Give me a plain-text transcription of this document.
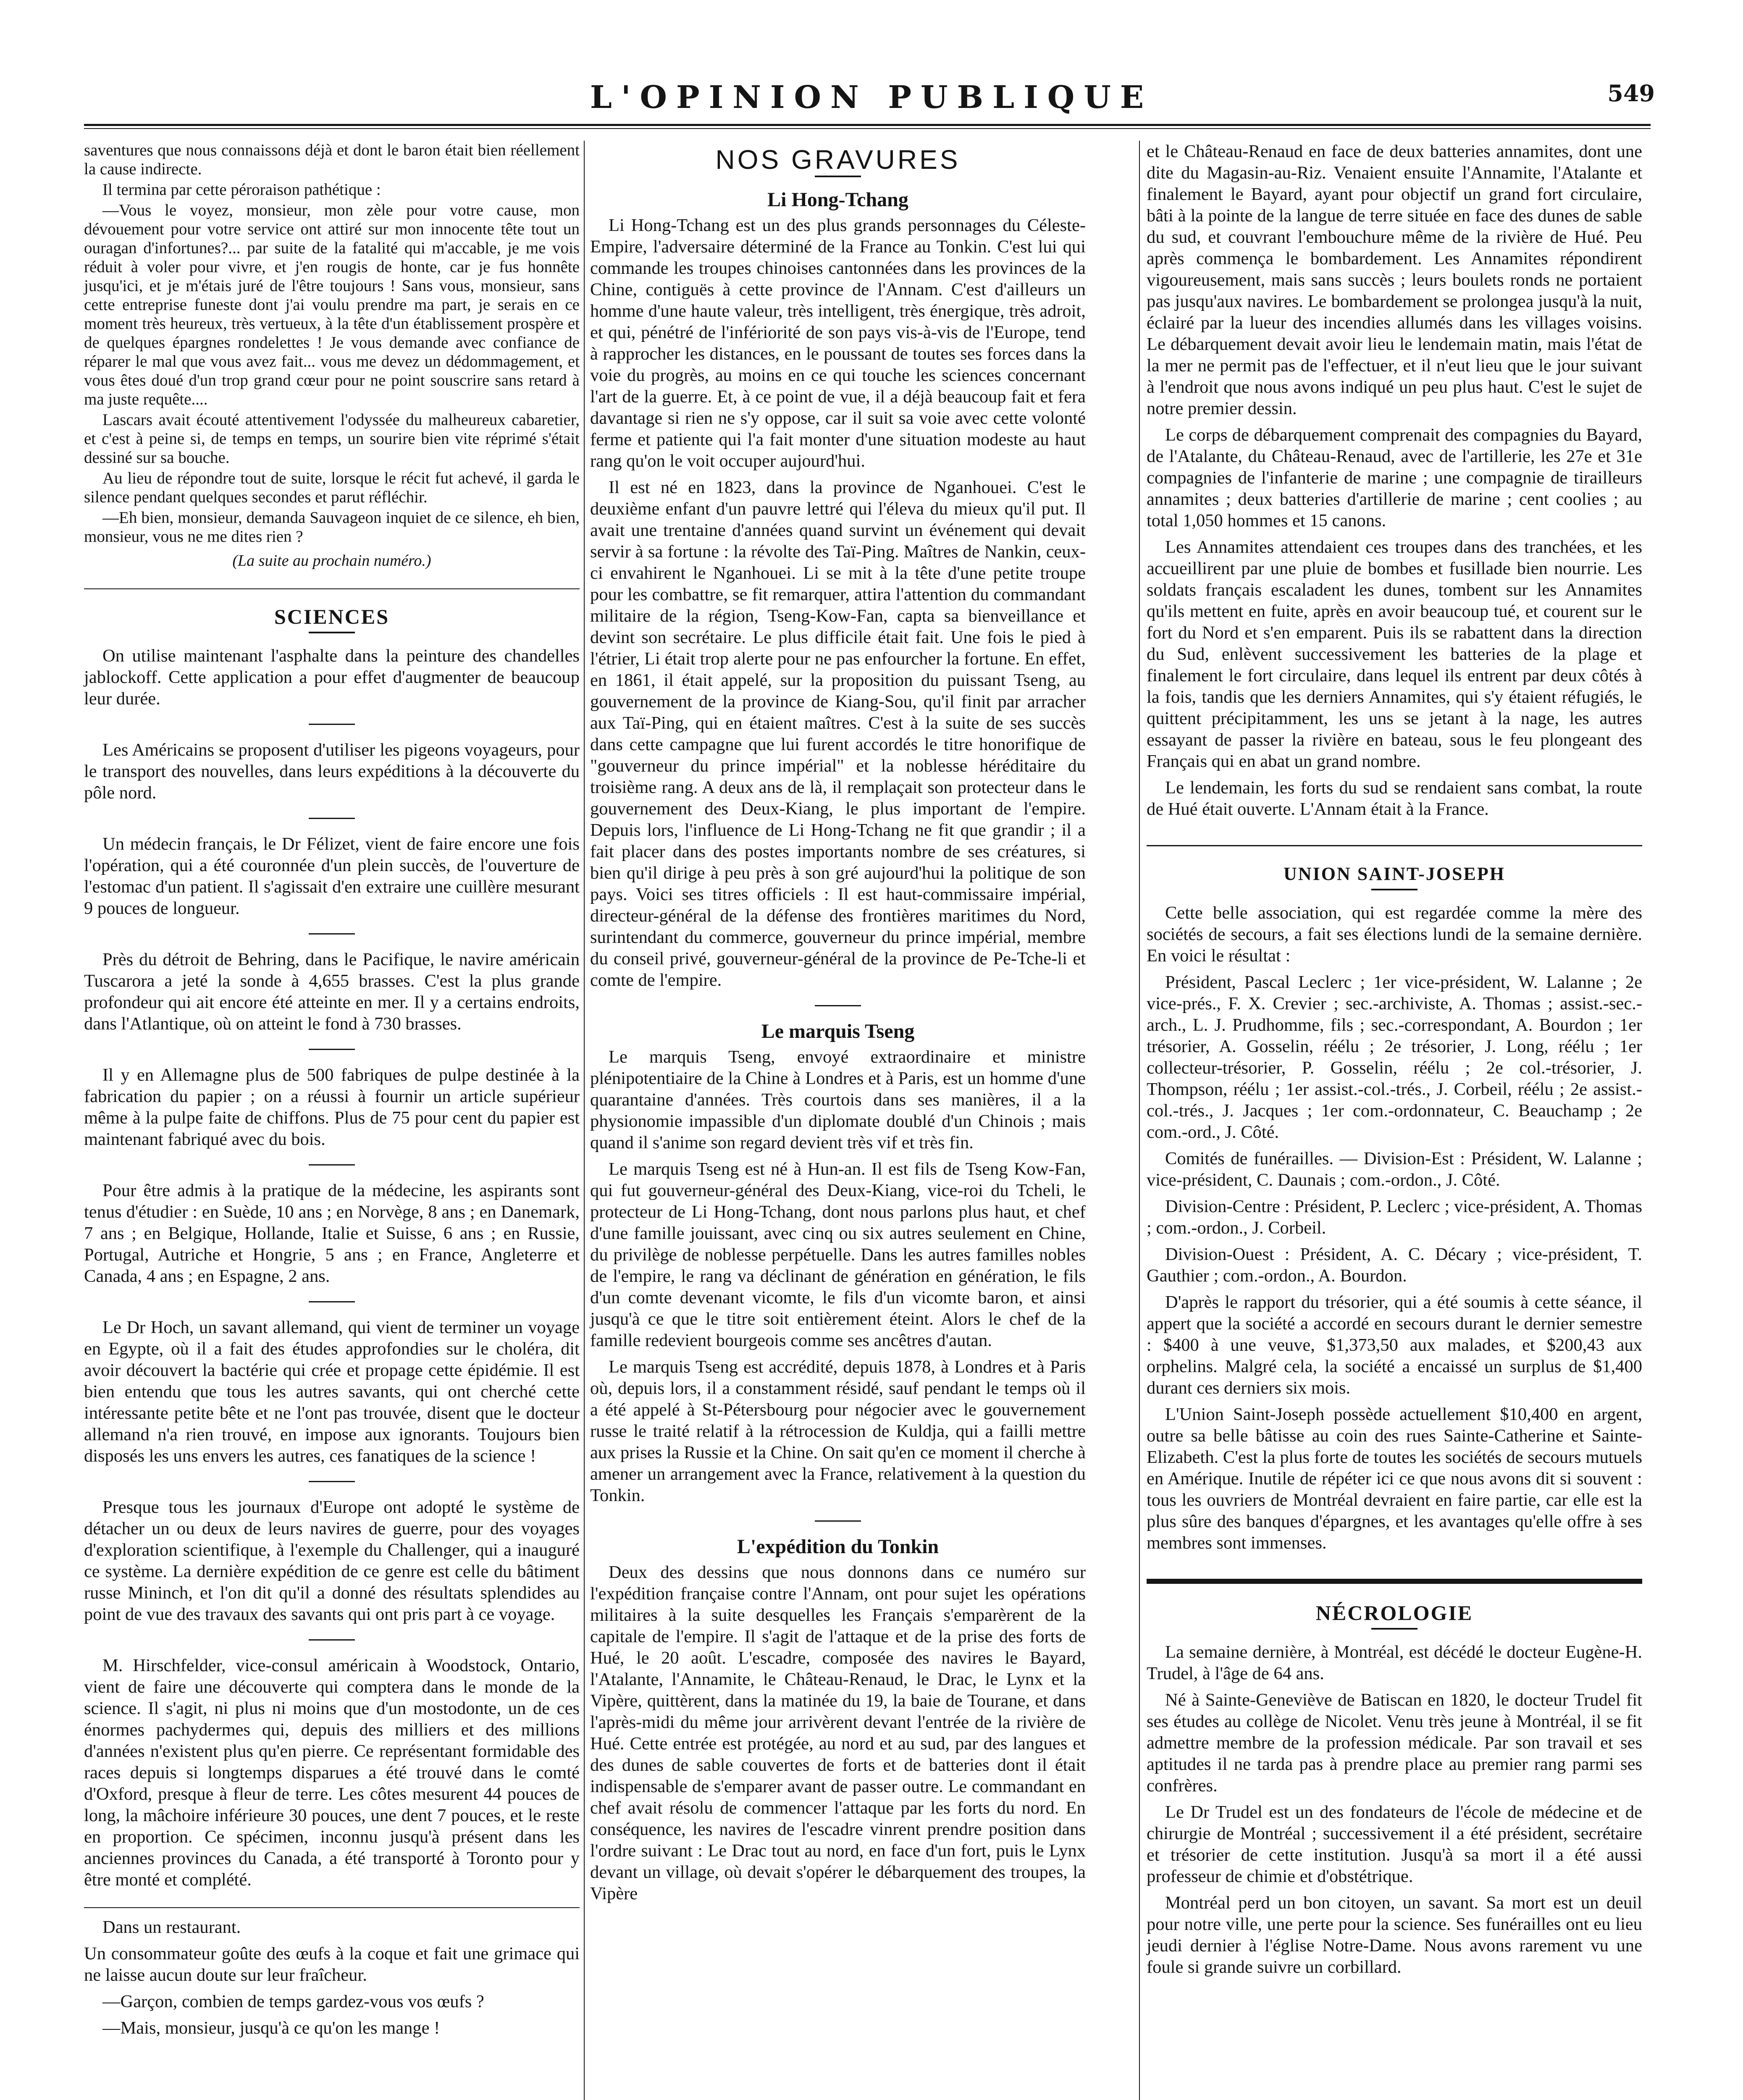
L'OPINION PUBLIQUE	549

saventures que nous connaissons déjà et dont le baron était bien réellement la cause indirecte.

Il termina par cette péroraison pathétique :

—Vous le voyez, monsieur, mon zèle pour votre cause, mon dévouement pour votre service ont attiré sur mon innocente tête tout un ouragan d'infortunes?... par suite de la fatalité qui m'accable, je me vois réduit à voler pour vivre, et j'en rougis de honte, car je fus honnête jusqu'ici, et je m'étais juré de l'être toujours ! Sans vous, monsieur, sans cette entreprise funeste dont j'ai voulu prendre ma part, je serais en ce moment très heureux, très vertueux, à la tête d'un établissement prospère et de quelques épargnes rondelettes ! Je vous demande avec confiance de réparer le mal que vous avez fait... vous me devez un dédommagement, et vous êtes doué d'un trop grand cœur pour ne point souscrire sans retard à ma juste requête....

Lascars avait écouté attentivement l'odyssée du malheureux cabaretier, et c'est à peine si, de temps en temps, un sourire bien vite réprimé s'était dessiné sur sa bouche.

Au lieu de répondre tout de suite, lorsque le récit fut achevé, il garda le silence pendant quelques secondes et parut réfléchir.

—Eh bien, monsieur, demanda Sauvageon inquiet de ce silence, eh bien, monsieur, vous ne me dites rien ?

(La suite au prochain numéro.)

SCIENCES

On utilise maintenant l'asphalte dans la peinture des chandelles jablockoff. Cette application a pour effet d'augmenter de beaucoup leur durée.

Les Américains se proposent d'utiliser les pigeons voyageurs, pour le transport des nouvelles, dans leurs expéditions à la découverte du pôle nord.

Un médecin français, le Dr Félizet, vient de faire encore une fois l'opération, qui a été couronnée d'un plein succès, de l'ouverture de l'estomac d'un patient. Il s'agissait d'en extraire une cuillère mesurant 9 pouces de longueur.

Près du détroit de Behring, dans le Pacifique, le navire américain Tuscarora a jeté la sonde à 4,655 brasses. C'est la plus grande profondeur qui ait encore été atteinte en mer. Il y a certains endroits, dans l'Atlantique, où on atteint le fond à 730 brasses.

Il y en Allemagne plus de 500 fabriques de pulpe destinée à la fabrication du papier ; on a réussi à fournir un article supérieur même à la pulpe faite de chiffons. Plus de 75 pour cent du papier est maintenant fabriqué avec du bois.

Pour être admis à la pratique de la médecine, les aspirants sont tenus d'étudier : en Suède, 10 ans ; en Norvège, 8 ans ; en Danemark, 7 ans ; en Belgique, Hollande, Italie et Suisse, 6 ans ; en Russie, Portugal, Autriche et Hongrie, 5 ans ; en France, Angleterre et Canada, 4 ans ; en Espagne, 2 ans.

Le Dr Hoch, un savant allemand, qui vient de terminer un voyage en Egypte, où il a fait des études approfondies sur le choléra, dit avoir découvert la bactérie qui crée et propage cette épidémie. Il est bien entendu que tous les autres savants, qui ont cherché cette intéressante petite bête et ne l'ont pas trouvée, disent que le docteur allemand n'a rien trouvé, en impose aux ignorants. Toujours bien disposés les uns envers les autres, ces fanatiques de la science !

Presque tous les journaux d'Europe ont adopté le système de détacher un ou deux de leurs navires de guerre, pour des voyages d'exploration scientifique, à l'exemple du Challenger, qui a inauguré ce système. La dernière expédition de ce genre est celle du bâtiment russe Mininch, et l'on dit qu'il a donné des résultats splendides au point de vue des travaux des savants qui ont pris part à ce voyage.

M. Hirschfelder, vice-consul américain à Woodstock, Ontario, vient de faire une découverte qui comptera dans le monde de la science. Il s'agit, ni plus ni moins que d'un mostodonte, un de ces énormes pachydermes qui, depuis des milliers et des millions d'années n'existent plus qu'en pierre. Ce représentant formidable des races depuis si longtemps disparues a été trouvé dans le comté d'Oxford, presque à fleur de terre. Les côtes mesurent 44 pouces de long, la mâchoire inférieure 30 pouces, une dent 7 pouces, et le reste en proportion. Ce spécimen, inconnu jusqu'à présent dans les anciennes provinces du Canada, a été transporté à Toronto pour y être monté et complété.

Dans un restaurant.

Un consommateur goûte des œufs à la coque et fait une grimace qui ne laisse aucun doute sur leur fraîcheur.

—Garçon, combien de temps gardez-vous vos œufs ?

—Mais, monsieur, jusqu'à ce qu'on les mange !

NOS GRAVURES
Li Hong-Tchang

Li Hong-Tchang est un des plus grands personnages du Céleste-Empire, l'adversaire déterminé de la France au Tonkin. C'est lui qui commande les troupes chinoises cantonnées dans les provinces de la Chine, contiguës à cette province de l'Annam. C'est d'ailleurs un homme d'une haute valeur, très intelligent, très énergique, très adroit, et qui, pénétré de l'infériorité de son pays vis-à-vis de l'Europe, tend à rapprocher les distances, en le poussant de toutes ses forces dans la voie du progrès, au moins en ce qui touche les sciences concernant l'art de la guerre. Et, à ce point de vue, il a déjà beaucoup fait et fera davantage si rien ne s'y oppose, car il suit sa voie avec cette volonté ferme et patiente qui l'a fait monter d'une situation modeste au haut rang qu'on le voit occuper aujourd'hui.

Il est né en 1823, dans la province de Nganhouei. C'est le deuxième enfant d'un pauvre lettré qui l'éleva du mieux qu'il put. Il avait une trentaine d'années quand survint un événement qui devait servir à sa fortune : la révolte des Taï-Ping. Maîtres de Nankin, ceux-ci envahirent le Nganhouei. Li se mit à la tête d'une petite troupe pour les combattre, se fit remarquer, attira l'attention du commandant militaire de la région, Tseng-Kow-Fan, capta sa bienveillance et devint son secrétaire. Le plus difficile était fait. Une fois le pied à l'étrier, Li était trop alerte pour ne pas enfourcher la fortune. En effet, en 1861, il était appelé, sur la proposition du puissant Tseng, au gouvernement de la province de Kiang-Sou, qu'il finit par arracher aux Taï-Ping, qui en étaient maîtres. C'est à la suite de ses succès dans cette campagne que lui furent accordés le titre honorifique de "gouverneur du prince impérial" et la noblesse héréditaire du troisième rang. A deux ans de là, il remplaçait son protecteur dans le gouvernement des Deux-Kiang, le plus important de l'empire. Depuis lors, l'influence de Li Hong-Tchang ne fit que grandir ; il a fait placer dans des postes importants nombre de ses créatures, si bien qu'il dirige à peu près à son gré aujourd'hui la politique de son pays. Voici ses titres officiels : Il est haut-commissaire impérial, directeur-général de la défense des frontières maritimes du Nord, surintendant du commerce, gouverneur du prince impérial, membre du conseil privé, gouverneur-général de la province de Pe-Tche-li et comte de l'empire.

Le marquis Tseng

Le marquis Tseng, envoyé extraordinaire et ministre plénipotentiaire de la Chine à Londres et à Paris, est un homme d'une quarantaine d'années. Très courtois dans ses manières, il a la physionomie impassible d'un diplomate doublé d'un Chinois ; mais quand il s'anime son regard devient très vif et très fin.

Le marquis Tseng est né à Hun-an. Il est fils de Tseng Kow-Fan, qui fut gouverneur-général des Deux-Kiang, vice-roi du Tcheli, le protecteur de Li Hong-Tchang, dont nous parlons plus haut, et chef d'une famille jouissant, avec cinq ou six autres seulement en Chine, du privilège de noblesse perpétuelle. Dans les autres familles nobles de l'empire, le rang va déclinant de génération en génération, le fils d'un comte devenant vicomte, le fils d'un vicomte baron, et ainsi jusqu'à ce que le titre soit entièrement éteint. Alors le chef de la famille redevient bourgeois comme ses ancêtres d'autan.

Le marquis Tseng est accrédité, depuis 1878, à Londres et à Paris où, depuis lors, il a constamment résidé, sauf pendant le temps où il a été appelé à St-Pétersbourg pour négocier avec le gouvernement russe le traité relatif à la rétrocession de Kuldja, qui a failli mettre aux prises la Russie et la Chine. On sait qu'en ce moment il cherche à amener un arrangement avec la France, relativement à la question du Tonkin.

L'expédition du Tonkin

Deux des dessins que nous donnons dans ce numéro sur l'expédition française contre l'Annam, ont pour sujet les opérations militaires à la suite desquelles les Français s'emparèrent de la capitale de l'empire. Il s'agit de l'attaque et de la prise des forts de Hué, le 20 août. L'escadre, composée des navires le Bayard, l'Atalante, l'Annamite, le Château-Renaud, le Drac, le Lynx et la Vipère, quittèrent, dans la matinée du 19, la baie de Tourane, et dans l'après-midi du même jour arrivèrent devant l'entrée de la rivière de Hué. Cette entrée est protégée, au nord et au sud, par des langues et des dunes de sable couvertes de forts et de batteries dont il était indispensable de s'emparer avant de passer outre. Le commandant en chef avait résolu de commencer l'attaque par les forts du nord. En conséquence, les navires de l'escadre vinrent prendre position dans l'ordre suivant : Le Drac tout au nord, en face d'un fort, puis le Lynx devant un village, où devait s'opérer le débarquement des troupes, la Vipère

et le Château-Renaud en face de deux batteries annamites, dont une dite du Magasin-au-Riz. Venaient ensuite l'Annamite, l'Atalante et finalement le Bayard, ayant pour objectif un grand fort circulaire, bâti à la pointe de la langue de terre située en face des dunes de sable du sud, et couvrant l'embouchure même de la rivière de Hué. Peu après commença le bombardement. Les Annamites répondirent vigoureusement, mais sans succès ; leurs boulets ronds ne portaient pas jusqu'aux navires. Le bombardement se prolongea jusqu'à la nuit, éclairé par la lueur des incendies allumés dans les villages voisins. Le débarquement devait avoir lieu le lendemain matin, mais l'état de la mer ne permit pas de l'effectuer, et il n'eut lieu que le jour suivant à l'endroit que nous avons indiqué un peu plus haut. C'est le sujet de notre premier dessin.

Le corps de débarquement comprenait des compagnies du Bayard, de l'Atalante, du Château-Renaud, avec de l'artillerie, les 27e et 31e compagnies de l'infanterie de marine ; une compagnie de tirailleurs annamites ; deux batteries d'artillerie de marine ; cent coolies ; au total 1,050 hommes et 15 canons.

Les Annamites attendaient ces troupes dans des tranchées, et les accueillirent par une pluie de bombes et fusillade bien nourrie. Les soldats français escaladent les dunes, tombent sur les Annamites qu'ils mettent en fuite, après en avoir beaucoup tué, et courent sur le fort du Nord et s'en emparent. Puis ils se rabattent dans la direction du Sud, enlèvent successivement les batteries de la plage et finalement le fort circulaire, dans lequel ils entrent par deux côtés à la fois, tandis que les derniers Annamites, qui s'y étaient réfugiés, le quittent précipitamment, les uns se jetant à la nage, les autres essayant de passer la rivière en bateau, sous le feu plongeant des Français qui en abat un grand nombre.

Le lendemain, les forts du sud se rendaient sans combat, la route de Hué était ouverte. L'Annam était à la France.

UNION SAINT-JOSEPH

Cette belle association, qui est regardée comme la mère des sociétés de secours, a fait ses élections lundi de la semaine dernière. En voici le résultat :

Président, Pascal Leclerc ; 1er vice-président, W. Lalanne ; 2e vice-prés., F. X. Crevier ; sec.-archiviste, A. Thomas ; assist.-sec.-arch., L. J. Prudhomme, fils ; sec.-correspondant, A. Bourdon ; 1er trésorier, A. Gosselin, réélu ; 2e trésorier, J. Long, réélu ; 1er collecteur-trésorier, P. Gosselin, réélu ; 2e col.-trésorier, J. Thompson, réélu ; 1er assist.-col.-trés., J. Corbeil, réélu ; 2e assist.-col.-trés., J. Jacques ; 1er com.-ordonnateur, C. Beauchamp ; 2e com.-ord., J. Côté.

Comités de funérailles. — Division-Est : Président, W. Lalanne ; vice-président, C. Daunais ; com.-ordon., J. Côté.

Division-Centre : Président, P. Leclerc ; vice-président, A. Thomas ; com.-ordon., J. Corbeil.

Division-Ouest : Président, A. C. Décary ; vice-président, T. Gauthier ; com.-ordon., A. Bourdon.

D'après le rapport du trésorier, qui a été soumis à cette séance, il appert que la société a accordé en secours durant le dernier semestre : $400 à une veuve, $1,373,50 aux malades, et $200,43 aux orphelins. Malgré cela, la société a encaissé un surplus de $1,400 durant ces derniers six mois.

L'Union Saint-Joseph possède actuellement $10,400 en argent, outre sa belle bâtisse au coin des rues Sainte-Catherine et Sainte-Elizabeth. C'est la plus forte de toutes les sociétés de secours mutuels en Amérique. Inutile de répéter ici ce que nous avons dit si souvent : tous les ouvriers de Montréal devraient en faire partie, car elle est la plus sûre des banques d'épargnes, et les avantages qu'elle offre à ses membres sont immenses.

NÉCROLOGIE

La semaine dernière, à Montréal, est décédé le docteur Eugène-H. Trudel, à l'âge de 64 ans.

Né à Sainte-Geneviève de Batiscan en 1820, le docteur Trudel fit ses études au collège de Nicolet. Venu très jeune à Montréal, il se fit admettre membre de la profession médicale. Par son travail et ses aptitudes il ne tarda pas à prendre place au premier rang parmi ses confrères.

Le Dr Trudel est un des fondateurs de l'école de médecine et de chirurgie de Montréal ; successivement il a été président, secrétaire et trésorier de cette institution. Jusqu'à sa mort il a été aussi professeur de chimie et d'obstétrique.

Montréal perd un bon citoyen, un savant. Sa mort est un deuil pour notre ville, une perte pour la science. Ses funérailles ont eu lieu jeudi dernier à l'église Notre-Dame. Nous avons rarement vu une foule si grande suivre un corbillard.
